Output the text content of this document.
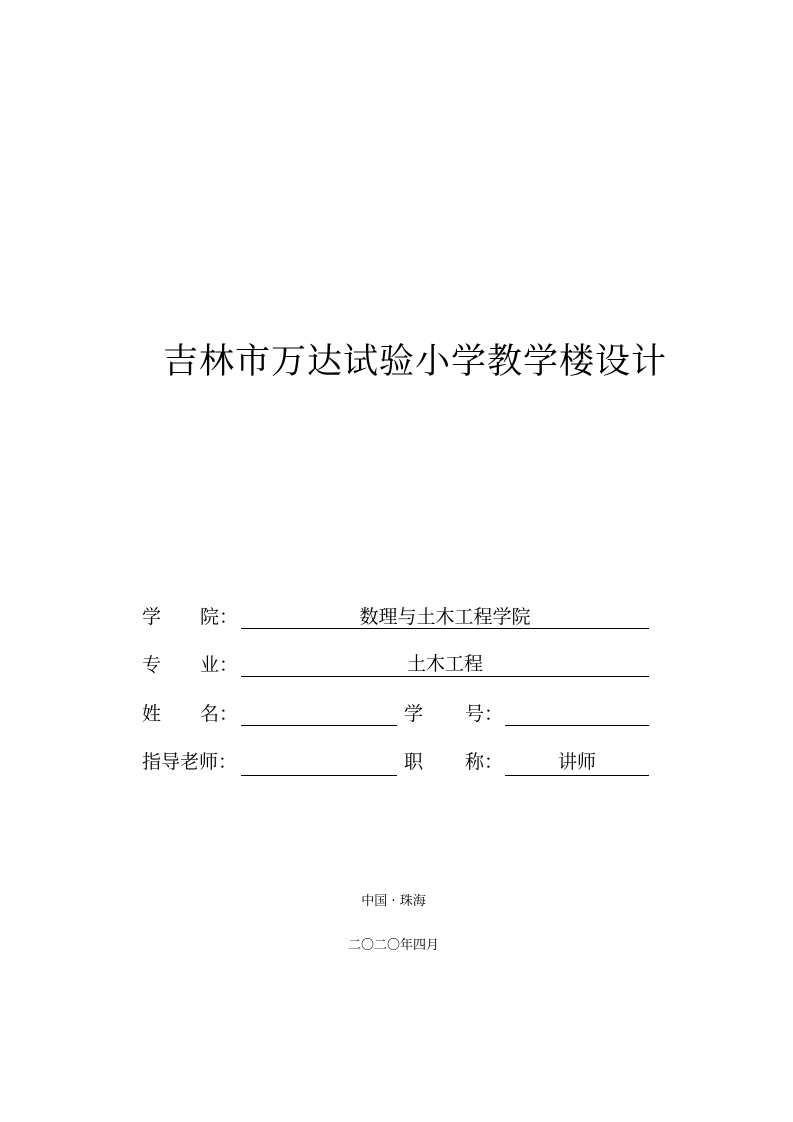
吉林市万达试验小学教学楼设计
学 院：	数理与土木工程学院
专 业：	土木工程
姓 名：	学 号：
指导老师：	职 称：	讲师
中国 · 珠海
二〇二〇年四月
